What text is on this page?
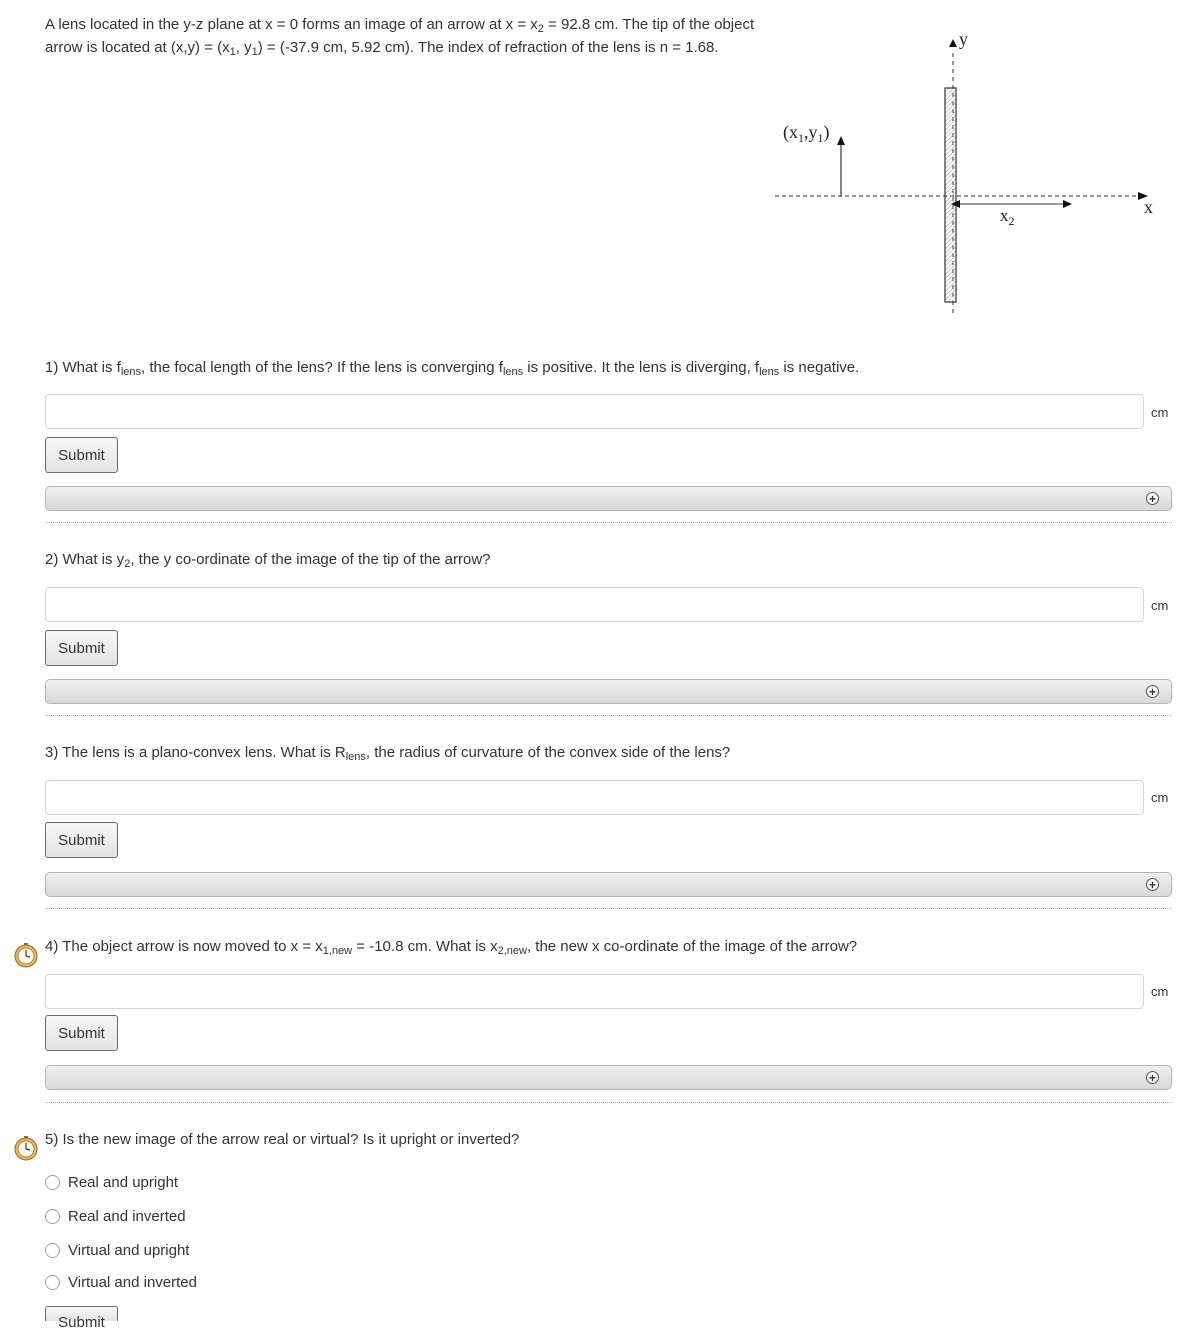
A lens located in the y-z plane at x = 0 forms an image of an arrow at $x = x_2 = 92.8$ cm. The tip of the object arrow is located at $(x,y) = (x_1$, $y_1) = (-37.9$ cm, 5.92 cm). The index of refraction of the lens is n = 1.68.
$(x_1,y_1)$
y
x
$x_2$
1) What is $f_{lens}$, the focal length of the lens? If the lens is converging $f_{lens}$ is positive. It the lens is diverging, $f_{lens}$ is negative.
cm
Submit
+
2) What is $y_2$, the y co-ordinate of the image of the tip of the arrow?
cm
Submit
+
3) The lens is a plano-convex lens. What is $R_{lens}$, the radius of curvature of the convex side of the lens?
cm
Submit
+
4) The object arrow is now moved to $x = x_{1,new} = -10.8$ cm. What is $x_{2,new}$, the new x co-ordinate of the image of the arrow?
cm
Submit
+
5) Is the new image of the arrow real or virtual? Is it upright or inverted?
Real and upright
Real and inverted
Virtual and upright
Virtual and inverted
Submit
